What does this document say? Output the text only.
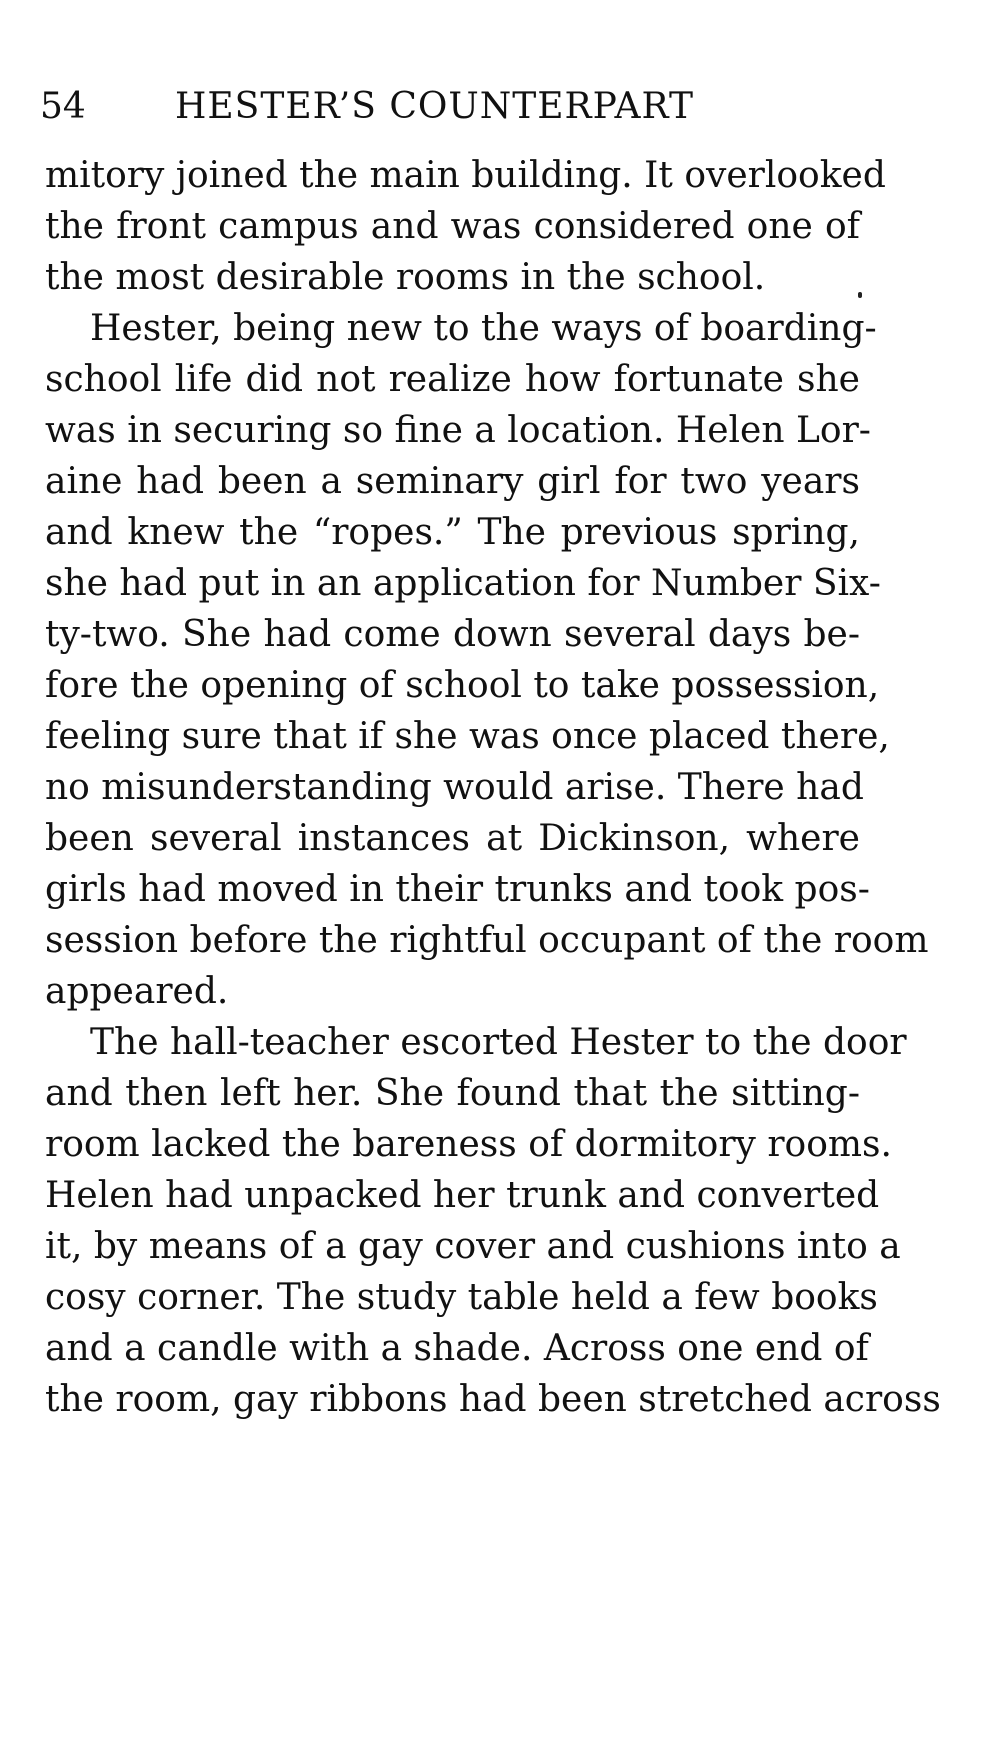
54 HESTER’S COUNTERPART
mitory joined the main building. It overlooked
the front campus and was considered one of
the most desirable rooms in the school.
Hester, being new to the ways of boarding-
school life did not realize how fortunate she
was in securing so fine a location. Helen Lor-
aine had been a seminary girl for two years
and knew the “ropes.” The previous spring,
she had put in an application for Number Six-
ty-two. She had come down several days be-
fore the opening of school to take possession,
feeling sure that if she was once placed there,
no misunderstanding would arise. There had
been several instances at Dickinson, where
girls had moved in their trunks and took pos-
session before the rightful occupant of the room
appeared.
The hall-teacher escorted Hester to the door
and then left her. She found that the sitting-
room lacked the bareness of dormitory rooms.
Helen had unpacked her trunk and converted
it, by means of a gay cover and cushions into a
cosy corner. The study table held a few books
and a candle with a shade. Across one end of
the room, gay ribbons had been stretched across
